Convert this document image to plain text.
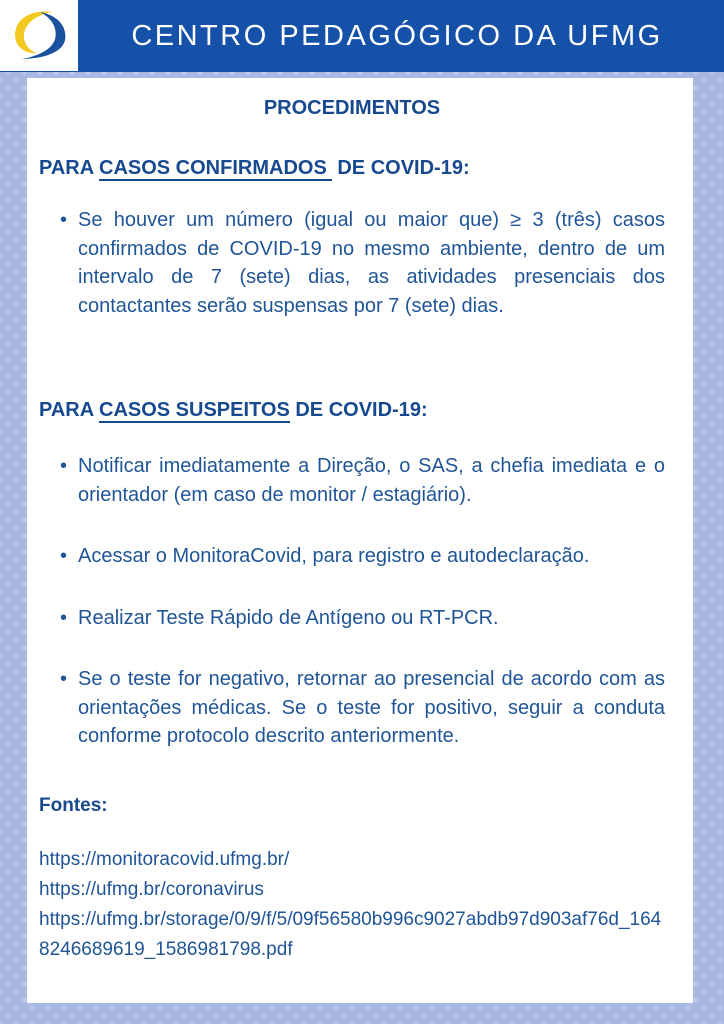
CENTRO PEDAGÓGICO DA UFMG
PROCEDIMENTOS
PARA CASOS CONFIRMADOS DE COVID-19:
• Se houver um número (igual ou maior que) ≥ 3 (três) casos confirmados de COVID-19 no mesmo ambiente, dentro de um intervalo de 7 (sete) dias, as atividades presenciais dos contactantes serão suspensas por 7 (sete) dias.
PARA CASOS SUSPEITOS DE COVID-19:
• Notificar imediatamente a Direção, o SAS, a chefia imediata e o orientador (em caso de monitor / estagiário).
• Acessar o MonitoraCovid, para registro e autodeclaração.
• Realizar Teste Rápido de Antígeno ou RT-PCR.
• Se o teste for negativo, retornar ao presencial de acordo com as orientações médicas. Se o teste for positivo, seguir a conduta conforme protocolo descrito anteriormente.
Fontes:
https://monitoracovid.ufmg.br/
https://ufmg.br/coronavirus
https://ufmg.br/storage/0/9/f/5/09f56580b996c9027abdb97d903af76d_1648246689619_1586981798.pdf
